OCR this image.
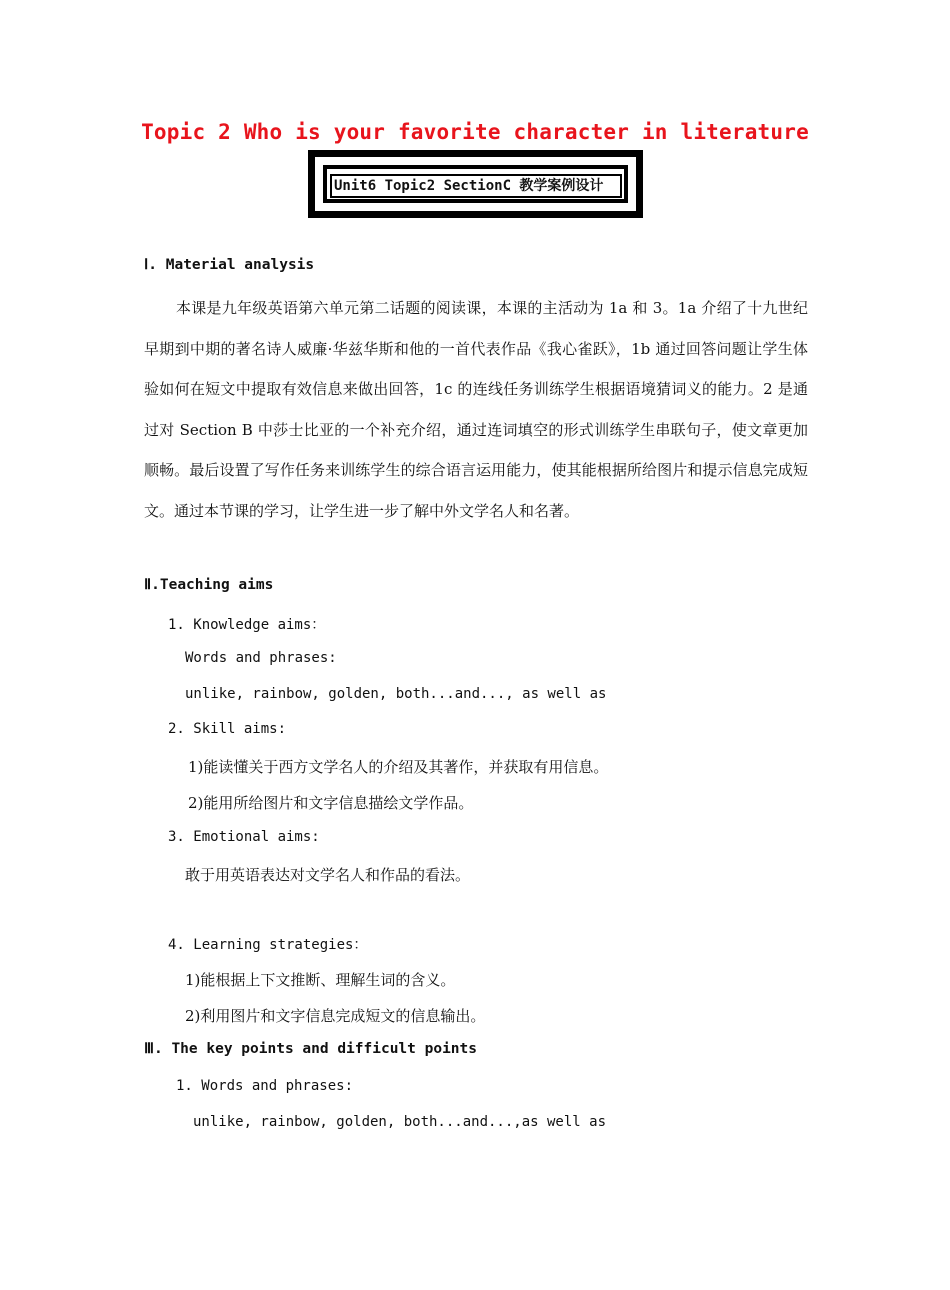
Topic 2 Who is your favorite character in literature
Unit6 Topic2 SectionC 教学案例设计
Ⅰ. Material analysis
本课是九年级英语第六单元第二话题的阅读课，本课的主活动为 1a 和 3。1a 介绍了十九世纪早期到中期的著名诗人威廉·华兹华斯和他的一首代表作品《我心雀跃》，1b 通过回答问题让学生体验如何在短文中提取有效信息来做出回答，1c 的连线任务训练学生根据语境猜词义的能力。2 是通过对 Section B 中莎士比亚的一个补充介绍，通过连词填空的形式训练学生串联句子，使文章更加顺畅。最后设置了写作任务来训练学生的综合语言运用能力，使其能根据所给图片和提示信息完成短文。通过本节课的学习，让学生进一步了解中外文学名人和名著。
Ⅱ.Teaching aims
1. Knowledge aims：
Words and phrases:
unlike, rainbow, golden, both...and..., as well as
2. Skill aims:
1)能读懂关于西方文学名人的介绍及其著作，并获取有用信息。
2)能用所给图片和文字信息描绘文学作品。
3. Emotional aims:
敢于用英语表达对文学名人和作品的看法。
4. Learning strategies：
1)能根据上下文推断、理解生词的含义。
2)利用图片和文字信息完成短文的信息输出。
Ⅲ. The key points and difficult points
1. Words and phrases:
unlike, rainbow, golden, both...and...,as well as
